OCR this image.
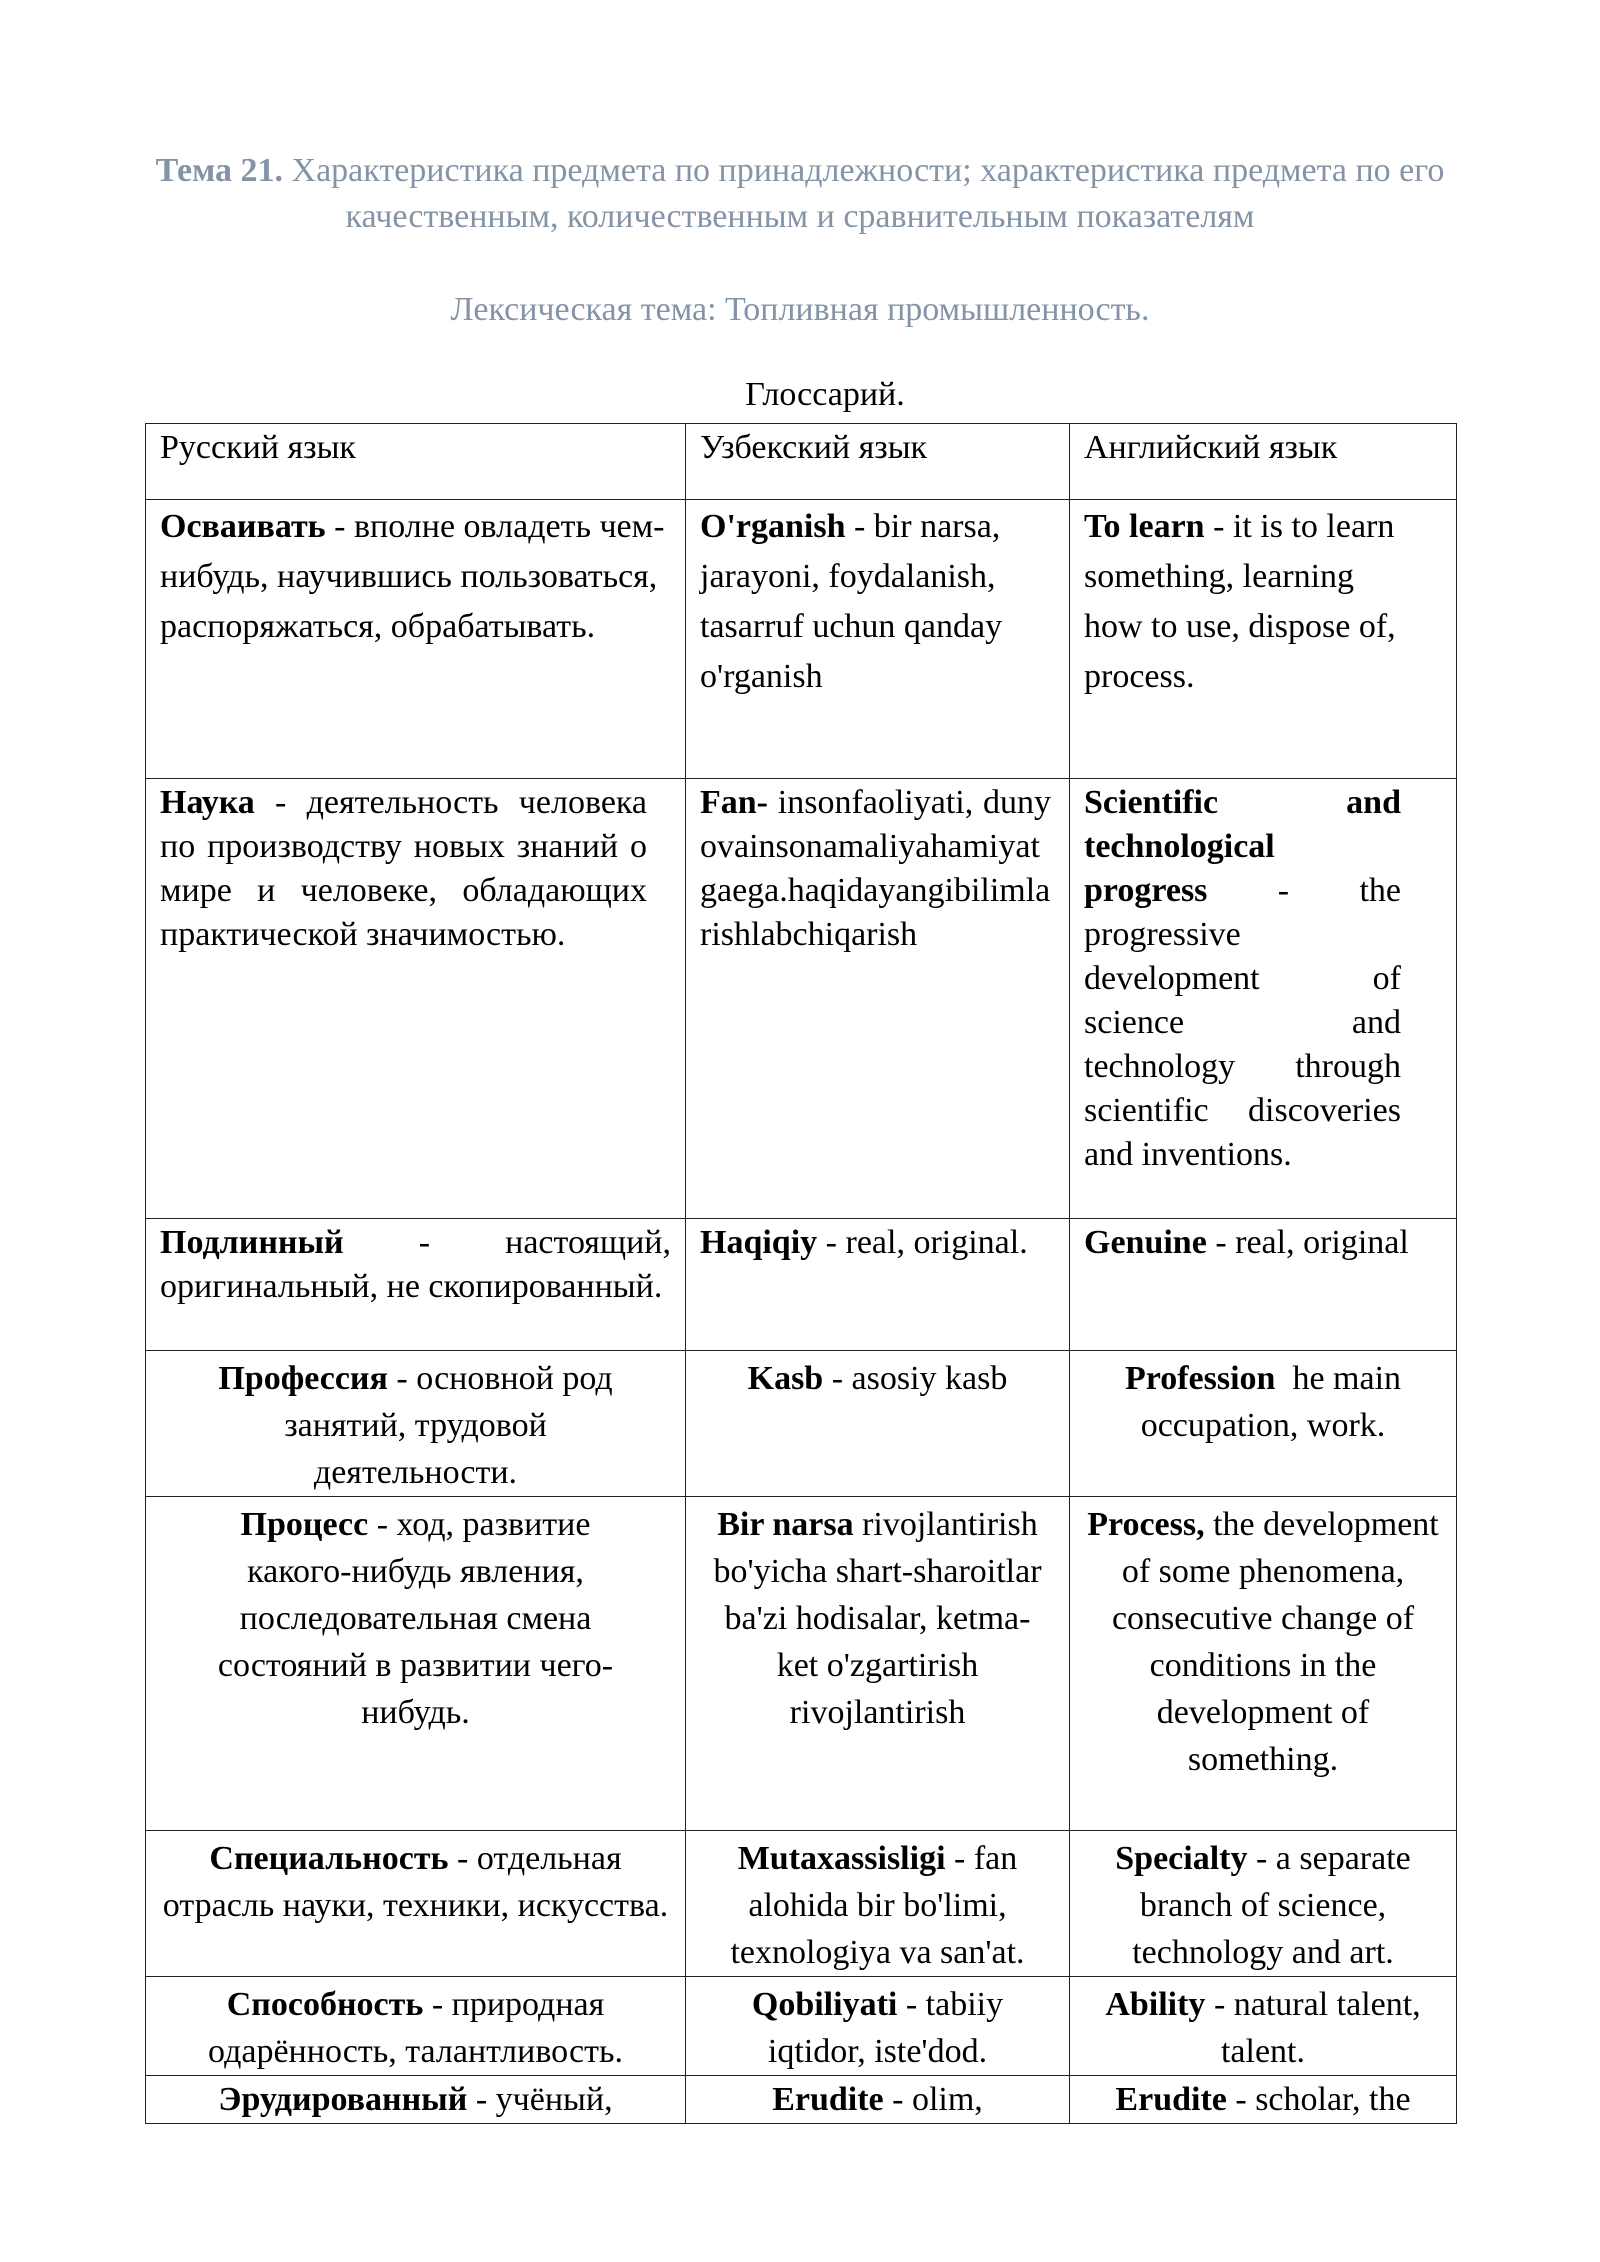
Тема 21. Характеристика предмета по принадлежности; характеристика предмета по его качественным, количественным и сравнительным показателям
Лексическая тема: Топливная промышленность.
Глоссарий.
Русский язык	Узбекский язык	Английский язык
Осваивать - вполне овладеть чем-нибудь, научившись пользоваться, распоряжаться, обрабатывать.	O'rganish - bir narsa, jarayoni, foydalanish, tasarruf uchun qanday o'rganish	To learn - it is to learn something, learning how to use, dispose of, process.
Наука - деятельность человека по производству новых знаний о мире и человеке, обладающих практической значимостью.	Fan- insonfaoliyati, dunyovainsonamaliyahamiyatgaega.haqidayangibilimlarishlabchiqarish	Scientific and technological progress - the progressive development of science and technology through scientific discoveries and inventions.
Подлинный - настоящий, оригинальный, не скопированный.	Haqiqiy - real, original.	Genuine - real, original
Профессия - основной род занятий, трудовой деятельности.	Kasb - asosiy kasb	Profession  he main occupation, work.
Процесс - ход, развитие какого-нибудь явления, последовательная смена состояний в развитии чего-нибудь.	Bir narsa rivojlantirish bo'yicha shart-sharoitlar ba'zi hodisalar, ketma-ket o'zgartirish rivojlantirish	Process, the development of some phenomena, consecutive change of conditions in the development of something.
Специальность - отдельная отрасль науки, техники, искусства.	Mutaxassisligi - fan alohida bir bo'limi, texnologiya va san'at.	Specialty - a separate branch of science, technology and art.
Способность - природная одарённость, талантливость.	Qobiliyati - tabiiy iqtidor, iste'dod.	Ability - natural talent, talent.
Эрудированный - учёный,	Erudite - olim,	Erudite - scholar, the
